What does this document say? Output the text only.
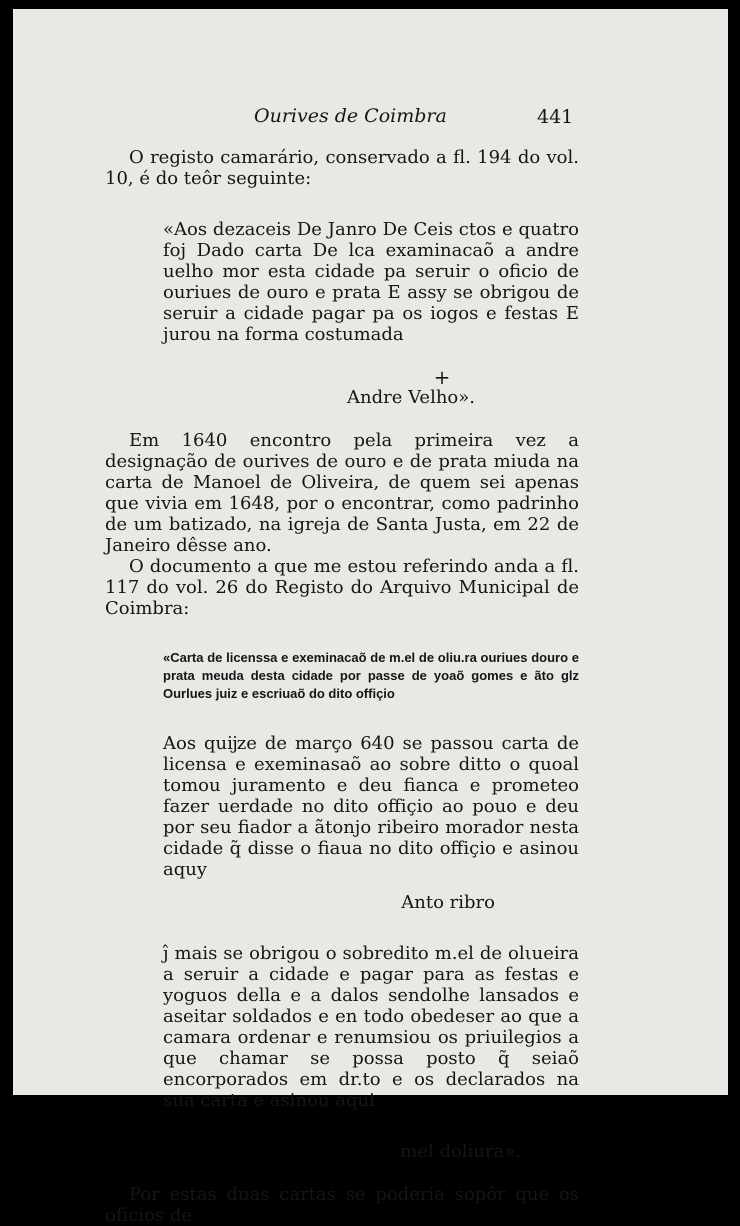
Ourives de Coimbra	441

O registo camarário, conservado a fl. 194 do vol. 10, é do teôr seguinte:

«Aos dezaceis De Janro De Ceis ctos e quatro foj Dado carta De lca examinacaõ a andre uelho mor esta cidade pa seruir o oficio de ouriues de ouro e prata E assy se obrigou de seruir a cidade pagar pa os iogos e festas E jurou na forma costumada

+

Andre Velho».

Em 1640 encontro pela primeira vez a designação de ourives de ouro e de prata miuda na carta de Manoel de Oliveira, de quem sei apenas que vivia em 1648, por o encontrar, como padrinho de um batizado, na igreja de Santa Justa, em 22 de Janeiro dêsse ano.

O documento a que me estou referindo anda a fl. 117 do vol. 26 do Registo do Arquivo Municipal de Coimbra:

«Carta de licenssa e exeminacaõ de m.el de oliu.ra ouriues douro e prata meuda desta cidade por passe de yoaõ gomes e ãto glz Ourlues juiz e escriuaõ do dito offiçio

Aos quĳze de março 640 se passou carta de licensa e exeminasaõ ao sobre ditto o quoal tomou juramento e deu fianca e prometeo fazer uerdade no dito offiçio ao pouo e deu por seu fiador a ãtonjo ribeiro morador nesta cidade q̃ disse o fiaua no dito offiçio e asinou aquy

Anto ribro

ĵ mais se obrigou o sobredito m.el de olιueira a seruir a cidade e pagar para as festas e yoguos della e a dalos sendolhe lansados e aseitar soldados e en todo obedeser ao que a camara ordenar e renumsiou os priuilegios a que chamar se possa posto q̃ seiaõ encorporados em dr.to e os declarados na sua carta e asinou aqui

mel doliura».

Por estas duas cartas se poderia sopôr que os ofícios de
